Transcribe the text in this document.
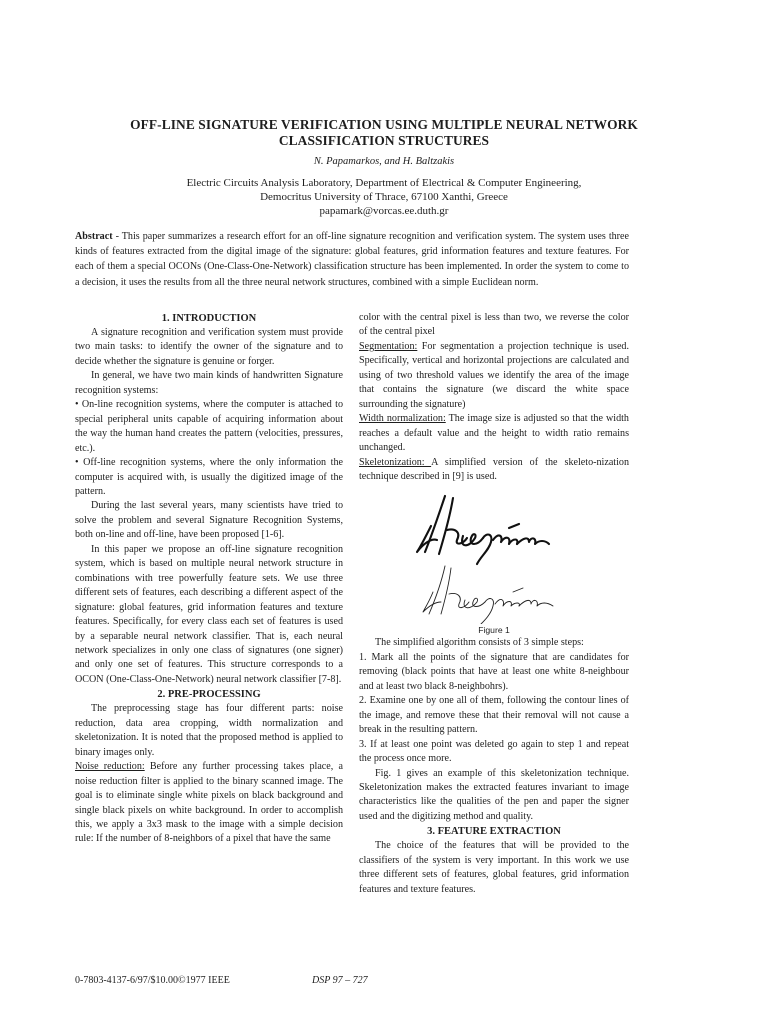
OFF-LINE SIGNATURE VERIFICATION USING MULTIPLE NEURAL NETWORK
CLASSIFICATION STRUCTURES
N. Papamarkos, and H. Baltzakis
Electric Circuits Analysis Laboratory, Department of Electrical & Computer Engineering,
Democritus University of Thrace, 67100 Xanthi, Greece
papamark@vorcas.ee.duth.gr

Abstract - This paper summarizes a research effort for an off-line signature recognition and verification system. The system uses three kinds of features extracted from the digital image of the signature: global features, grid information features and texture features. For each of them a special OCONs (One-Class-One-Network) classification structure has been implemented. In order the system to come to a decision, it uses the results from all the three neural network structures, combined with a simple Euclidean norm.

1. INTRODUCTION

A signature recognition and verification system must provide two main tasks: to identify the owner of the signature and to decide whether the signature is genuine or forger.

In general, we have two main kinds of handwritten Signature recognition systems:

• On-line recognition systems, where the computer is attached to special peripheral units capable of acquiring information about the way the human hand creates the pattern (velocities, pressures, etc.).

• Off-line recognition systems, where the only information the computer is acquired with, is usually the digitized image of the pattern.

During the last several years, many scientists have tried to solve the problem and several Signature Recognition Systems, both on-line and off-line, have been proposed [1-6].

In this paper we propose an off-line signature recognition system, which is based on multiple neural network structure in combinations with tree powerfully feature sets. We use three different sets of features, each describing a different aspect of the signature: global features, grid information features and texture features. Specifically, for every class each set of features is used by a separable neural network classifier. That is, each neural network specializes in only one class of signatures (one signer) and only one set of features. This structure corresponds to a OCON (One-Class-One-Network) neural network classifier [7-8].

2. PRE-PROCESSING

The preprocessing stage has four different parts: noise reduction, data area cropping, width normalization and skeletonization. It is noted that the proposed method is applied to binary images only.

Noise reduction: Before any further processing takes place, a noise reduction filter is applied to the binary scanned image. The goal is to eliminate single white pixels on black background and single black pixels on white background. In order to accomplish this, we apply a 3x3 mask to the image with a simple decision rule: If the number of 8-neighbors of a pixel that have the same

color with the central pixel is less than two, we reverse the color of the central pixel

Segmentation: For segmentation a projection technique is used. Specifically, vertical and horizontal projections are calculated and using of two threshold values we identify the area of the image that contains the signature (we discard the white space surrounding the signature)

Width normalization: The image size is adjusted so that the width reaches a default value and the height to width ratio remains unchanged.

Skeletonization: A simplified version of the skeleto-nization technique described in [9] is used.

Figure 1

The simplified algorithm consists of 3 simple steps:

1. Mark all the points of the signature that are candidates for removing (black points that have at least one white 8-neighbour and at least two black 8-neighbohrs).

2. Examine one by one all of them, following the contour lines of the image, and remove these that their removal will not cause a break in the resulting pattern.

3. If at least one point was deleted go again to step 1 and repeat the process once more.

Fig. 1 gives an example of this skeletonization technique. Skeletonization makes the extracted features invariant to image characteristics like the qualities of the pen and paper the signer used and the digitizing method and quality.

3. FEATURE EXTRACTION

The choice of the features that will be provided to the classifiers of the system is very important. In this work we use three different sets of features, global features, grid information features and texture features.

0-7803-4137-6/97/$10.00©1977 IEEE	DSP 97 – 727
